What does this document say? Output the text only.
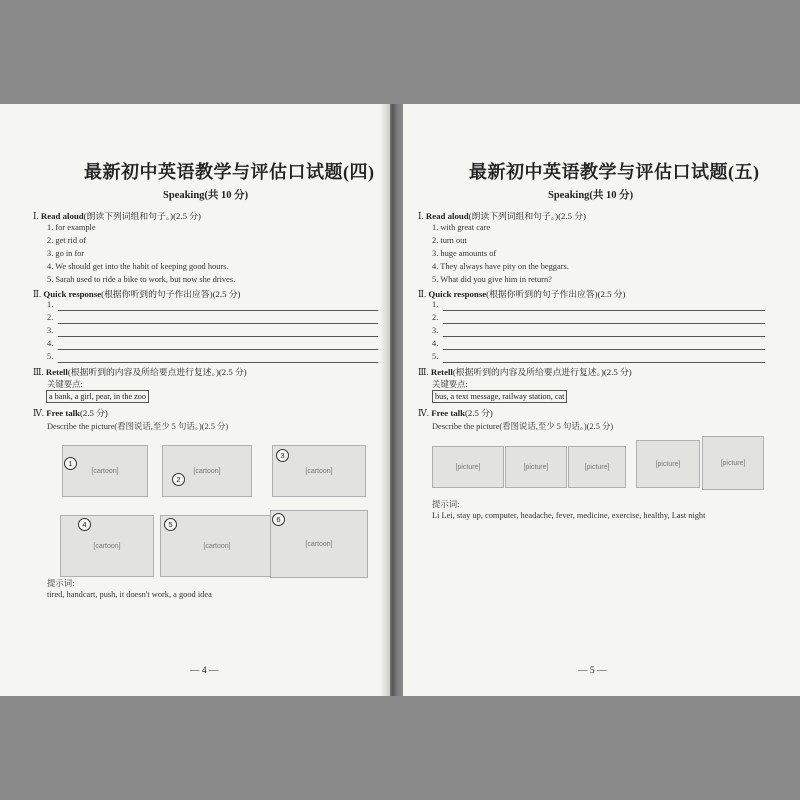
最新初中英语教学与评估口试题(四)
Speaking(共 10 分)
Ⅰ. Read aloud(朗读下列词组和句子。)(2.5 分)
1. for example
2. get rid of
3. go in for
4. We should get into the habit of keeping good hours.
5. Sarah used to ride a bike to work, but now she drives.
Ⅱ. Quick response(根据你听到的句子作出应答)(2.5 分)
1.
2.
3.
4.
5.
Ⅲ. Retell(根据听到的内容及所给要点进行复述。)(2.5 分)
关键要点:
a bank, a girl, pear, in the zoo
Ⅳ. Free talk(2.5 分)
Describe the picture(看图说话,至少 5 句话。)(2.5 分)
[cartoon]
1
[cartoon]
2
[cartoon]
3
[cartoon]
4
[cartoon]
5
[cartoon]
6
提示词:
tired, handcart, push, it doesn't work, a good idea
— 4 —
最新初中英语教学与评估口试题(五)
Speaking(共 10 分)
Ⅰ. Read aloud(朗读下列词组和句子。)(2.5 分)
1. with great care
2. turn out
3. huge amounts of
4. They always have pity on the beggars.
5. What did you give him in return?
Ⅱ. Quick response(根据你听到的句子作出应答)(2.5 分)
1.
2.
3.
4.
5.
Ⅲ. Retell(根据听到的内容及所给要点进行复述。)(2.5 分)
关键要点:
bus, a text message, railway station, cat
Ⅳ. Free talk(2.5 分)
Describe the picture(看图说话,至少 5 句话。)(2.5 分)
[picture]	[picture]	[picture]	[picture]	[picture]
提示词:
Li Lei, stay up, computer, headache, fever, medicine, exercise, healthy, Last night
— 5 —
